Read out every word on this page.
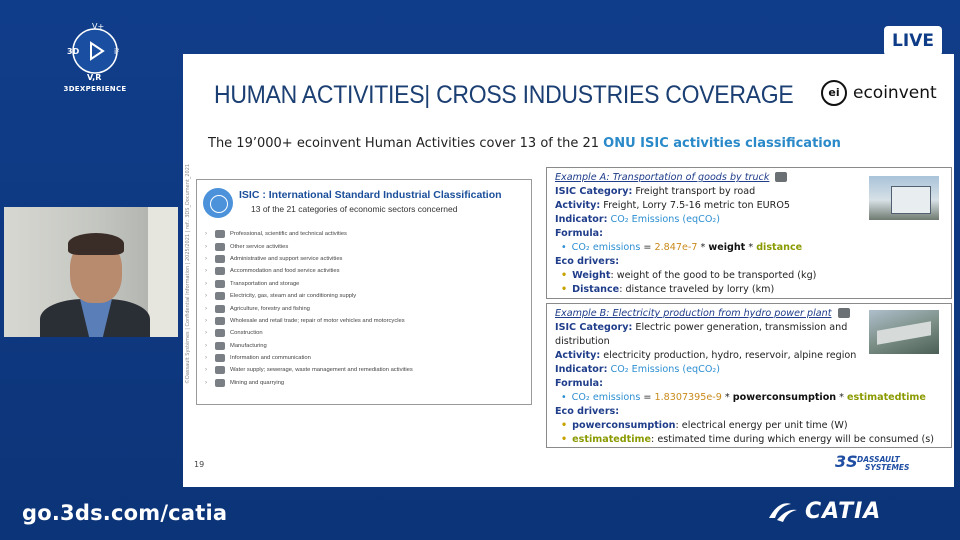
V+
3D	i²
V,R
3DEXPERIENCE
go.3ds.com/catia	CATIA
LIVE
HUMAN ACTIVITIES| CROSS INDUSTRIES COVERAGE	ei ecoinvent
The 19’000+ ecoinvent Human Activities cover 13 of the 21 ONU ISIC activities classification
©Dassault Systèmes | Confidential Information | 2025/2021 | ref.: 3DS_Document_2021	ISIC : International Standard Industrial Classification
13 of the 21 categories of economic sectors concerned
›	Professional, scientific and technical activities
›	Other service activities
›	Administrative and support service activities
›	Accommodation and food service activities
›	Transportation and storage
›	Electricity, gas, steam and air conditioning supply
›	Agriculture, forestry and fishing
›	Wholesale and retail trade; repair of motor vehicles and motorcycles
›	Construction
›	Manufacturing
›	Information and communication
›	Water supply; sewerage, waste management and remediation activities
›	Mining and quarrying
Example A: Transportation of goods by truck
ISIC Category: Freight transport by road
Activity: Freight, Lorry 7.5-16 metric ton EURO5
Indicator: CO₂ Emissions (eqCO₂)
Formula:
• CO₂ emissions = 2.847e-7 * weight * distance
Eco drivers:
• Weight: weight of the good to be transported (kg)
• Distance: distance traveled by lorry (km)
Example B: Electricity production from hydro power plant
ISIC Category: Electric power generation, transmission and
distribution
Activity: electricity production, hydro, reservoir, alpine region
Indicator: CO₂ Emissions (eqCO₂)
Formula:
• CO₂ emissions = 1.8307395e-9 * powerconsumption * estimatedtime
Eco drivers:
• powerconsumption: electrical energy per unit time (W)
• estimatedtime: estimated time during which energy will be consumed (s)
19	3S DASSAULT
SYSTEMES
